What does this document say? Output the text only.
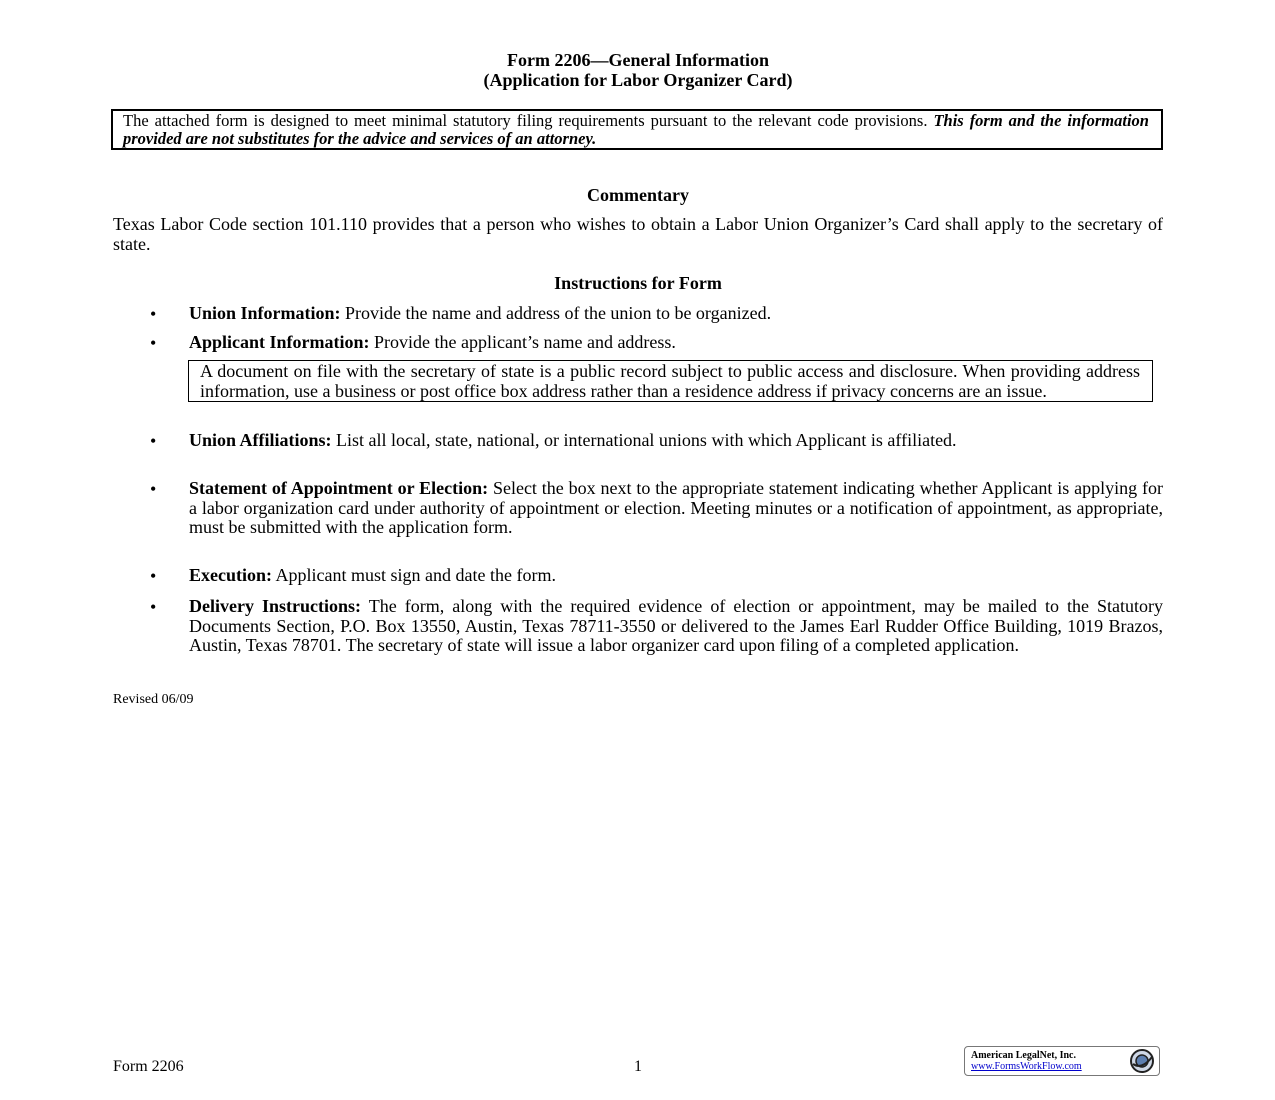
Form 2206—General Information
(Application for Labor Organizer Card)
The attached form is designed to meet minimal statutory filing requirements pursuant to the relevant code provisions. This form and the information provided are not substitutes for the advice and services of an attorney.
Commentary
Texas Labor Code section 101.110 provides that a person who wishes to obtain a Labor Union Organizer’s Card shall apply to the secretary of state.
Instructions for Form
• Union Information: Provide the name and address of the union to be organized.
• Applicant Information: Provide the applicant’s name and address.
A document on file with the secretary of state is a public record subject to public access and disclosure. When providing address information, use a business or post office box address rather than a residence address if privacy concerns are an issue.
• Union Affiliations: List all local, state, national, or international unions with which Applicant is affiliated.
• Statement of Appointment or Election: Select the box next to the appropriate statement indicating whether Applicant is applying for a labor organization card under authority of appointment or election. Meeting minutes or a notification of appointment, as appropriate, must be submitted with the application form.
• Execution: Applicant must sign and date the form.
• Delivery Instructions: The form, along with the required evidence of election or appointment, may be mailed to the Statutory Documents Section, P.O. Box 13550, Austin, Texas 78711-3550 or delivered to the James Earl Rudder Office Building, 1019 Brazos, Austin, Texas 78701. The secretary of state will issue a labor organizer card upon filing of a completed application.
Revised 06/09
Form 2206	1
American LegalNet, Inc.
www.FormsWorkFlow.com
